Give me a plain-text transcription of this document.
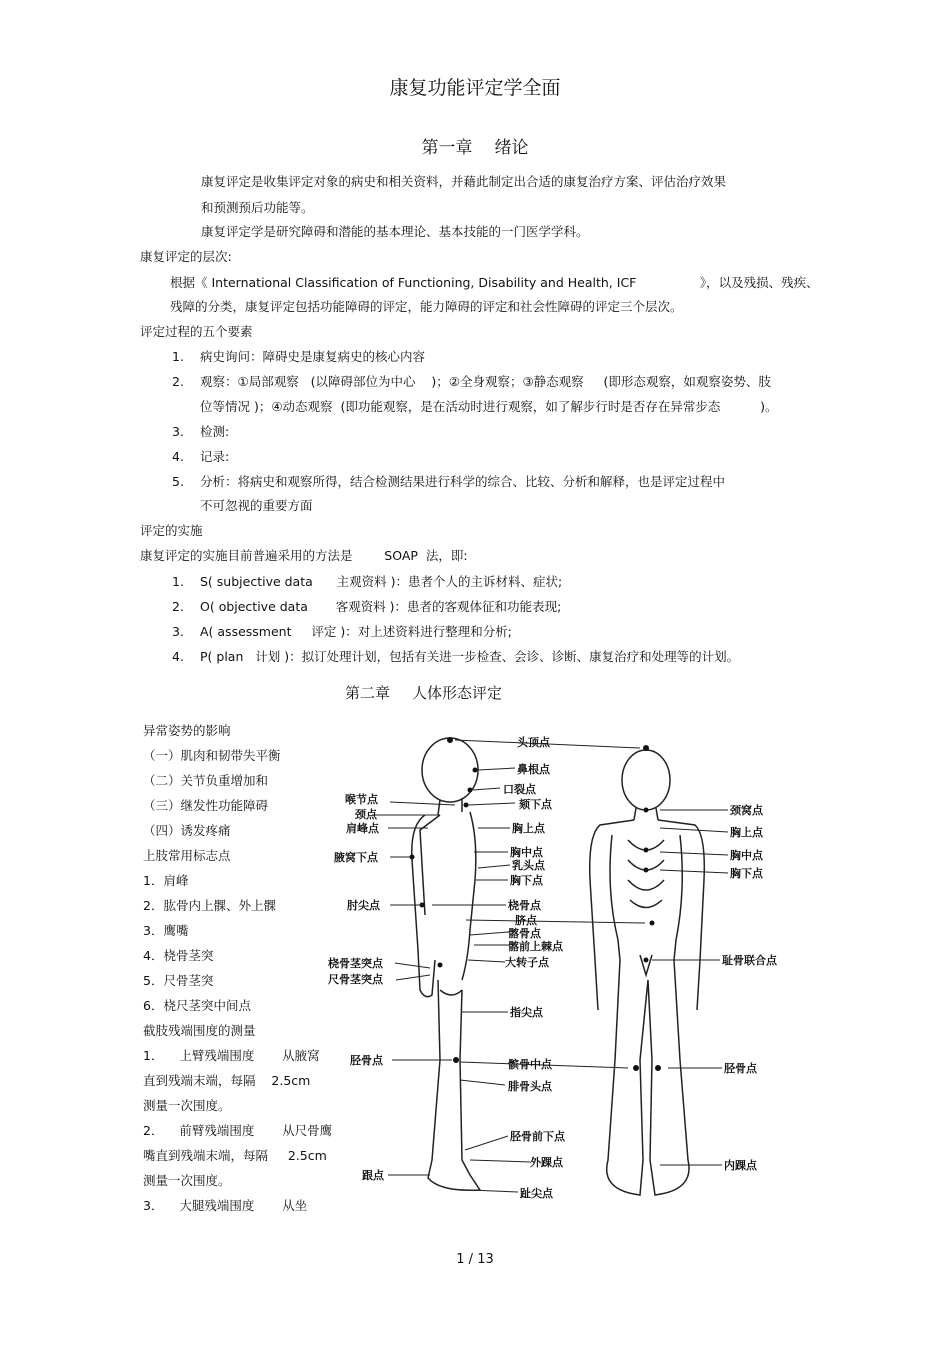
康复功能评定学全面
第一章 绪论
康复评定是收集评定对象的病史和相关资料，并藉此制定出合适的康复治疗方案、评估治疗效果
和预测预后功能等。
康复评定学是研究障碍和潜能的基本理论、基本技能的一门医学学科。
康复评定的层次:
根据《 International Classification of Functioning, Disability and Health, ICF                》，以及残损、残疾、
残障的分类，康复评定包括功能障碍的评定，能力障碍的评定和社会性障碍的评定三个层次。
评定过程的五个要素
1. 病史询问：障碍史是康复病史的核心内容
2. 观察：①局部观察   (以障碍部位为中心    )；②全身观察；③静态观察     (即形态观察，如观察姿势、肢
位等情况 )；④动态观察  (即功能观察，是在活动时进行观察，如了解步行时是否存在异常步态          )。
3. 检测:
4. 记录:
5. 分析：将病史和观察所得，结合检测结果进行科学的综合、比较、分析和解释，也是评定过程中
不可忽视的重要方面
评定的实施
康复评定的实施目前普遍采用的方法是        SOAP  法，即:
1. S( subjective data      主观资料 )：患者个人的主诉材料、症状;
2. O( objective data       客观资料 )：患者的客观体征和功能表现;
3. A( assessment     评定 )：对上述资料进行整理和分析;
4. P( plan   计划 )：拟订处理计划，包括有关进一步检查、会诊、诊断、康复治疗和处理等的计划。
第二章 人体形态评定
异常姿势的影响
（一）肌肉和韧带失平衡
（二）关节负重增加和
（三）继发性功能障碍
（四）诱发疼痛
上肢常用标志点
1．肩峰
2．肱骨内上髁、外上髁
3．鹰嘴
4．桡骨茎突
5．尺骨茎突
6．桡尺茎突中间点
截肢残端围度的测量
1．    上臂残端围度       从腋窝
直到残端末端，每隔    2.5cm
测量一次围度。
2．    前臂残端围度       从尺骨鹰
嘴直到残端末端，每隔     2.5cm
测量一次围度。
3．    大腿残端围度       从坐
头顶点
鼻根点
口裂点
颏下点
胸上点
胸中点
乳头点
胸下点
桡骨点
脐点
髂骨点
髂前上棘点
大转子点
指尖点
髌骨中点
腓骨头点
胫骨前下点
外踝点
趾尖点
喉节点
颈点
肩峰点
腋窝下点
肘尖点
桡骨茎突点
尺骨茎突点
胫骨点
跟点
颈窝点
胸上点
胸中点
胸下点
耻骨联合点
胫骨点
内踝点
1 / 13
